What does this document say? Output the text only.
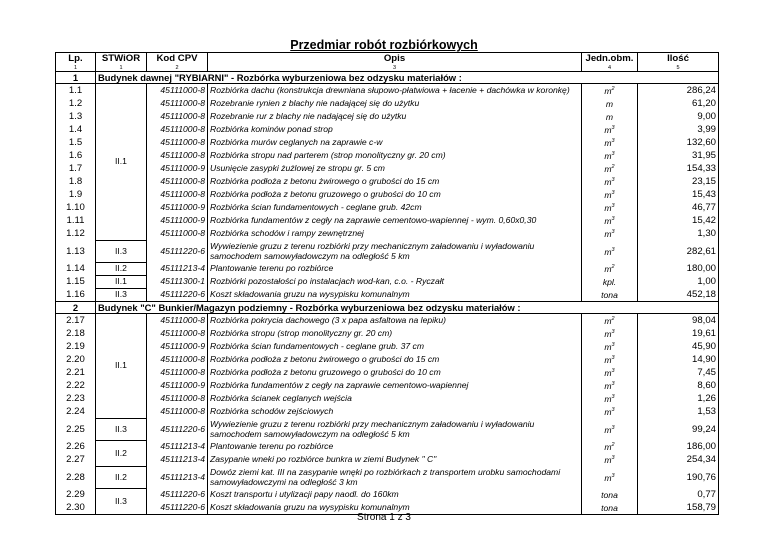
Przedmiar robót rozbiórkowych
Lp.	STWiOR	Kod CPV	Opis	Jedn.obm.	Ilość
1	1	2	3	4	5
1	Budynek dawnej "RYBIARNI" - Rozbórka wyburzeniowa bez odzysku materiałów :				
1.1	II.1	45111000-8	Rozbiórka dachu (konstrukcja drewniana słupowo-płatwiowa + łacenie + dachówka w koronkę)	$m^2$	286,24
1.2		45111000-8	Rozebranie rynien z blachy nie nadającej się do użytku	m	61,20
1.3		45111000-8	Rozebranie rur z blachy nie nadającej się do użytku	m	9,00
1.4		45111000-8	Rozbiórka kominów ponad strop	$m^3$	3,99
1.5		45111000-8	Rozbiórka murów ceglanych na zaprawie c-w	$m^3$	132,60
1.6		45111000-8	Rozbiórka stropu nad parterem (strop monolityczny gr. 20 cm)	$m^3$	31,95
1.7		45111000-9	Usunięcie zasypki żużlowej ze stropu gr. 5 cm	$m^2$	154,33
1.8		45111000-8	Rozbiórka podłoża z betonu żwirowego o grubości do 15 cm	$m^3$	23,15
1.9		45111000-8	Rozbiórka podłoża z betonu gruzowego o grubości do 10 cm	$m^3$	15,43
1.10		45111000-9	Rozbiórka ścian fundamentowych - ceglane grub. 42cm	$m^3$	46,77
1.11		45111000-9	Rozbiórka fundamentów z cegły na zaprawie cementowo-wapiennej - wym. 0,60x0,30	$m^3$	15,42
1.12		45111000-8	Rozbiórka schodów i rampy zewnętrznej	$m^3$	1,30
1.13	II.3	45111220-6	Wywiezienie gruzu z terenu rozbiórki przy mechanicznym załadowaniu i wyładowaniu samochodem samowyładowczym na odległość 5 km	$m^3$	282,61
1.14	II.2	45111213-4	Plantowanie terenu po rozbiórce	$m^2$	180,00
1.15	II.1	45111300-1	Rozbiórki pozostałości po instalacjach wod-kan, c.o. - Ryczałt	kpl.	1,00
1.16	II.3	45111220-6	Koszt składowania gruzu na wysypisku komunalnym	tona	452,18
2	Budynek "C" Bunkier/Magazyn podziemny - Rozbórka wyburzeniowa bez odzysku materiałów :				
2.17	II.1	45111000-8	Rozbiórka pokrycia dachowego (3 x papa asfaltowa na lepiku)	$m^2$	98,04
2.18		45111000-8	Rozbiórka stropu (strop monolityczny gr. 20 cm)	$m^3$	19,61
2.19		45111000-9	Rozbiórka ścian fundamentowych - ceglane grub. 37 cm	$m^3$	45,90
2.20		45111000-8	Rozbiórka podłoża z betonu żwirowego o grubości do 15 cm	$m^3$	14,90
2.21		45111000-8	Rozbiórka podłoża z betonu gruzowego o grubości do 10 cm	$m^3$	7,45
2.22		45111000-9	Rozbiórka fundamentów z cegły na zaprawie cementowo-wapiennej	$m^3$	8,60
2.23		45111000-8	Rozbiórka ścianek ceglanych wejścia	$m^3$	1,26
2.24		45111000-8	Rozbiórka schodów zejściowych	$m^3$	1,53
2.25	II.3	45111220-6	Wywiezienie gruzu z terenu rozbiórki przy mechanicznym załadowaniu i wyładowaniu samochodem samowyładowczym na odległość 5 km	$m^3$	99,24
2.26	II.2	45111213-4	Plantowanie terenu po rozbiórce	$m^2$	186,00
2.27		45111213-4	Zasypanie wneki po rozbiórce bunkra w ziemi Budynek " C"	$m^3$	254,34
2.28	II.2	45111213-4	Dowóz ziemi kat. III na zasypanie wnęki po rozbiórkach z transportem urobku samochodami samowyładowczymi na odległość 3 km	$m^3$	190,76
2.29	II.3	45111220-6	Koszt transportu i utylizacji papy naodl. do 160km	tona	0,77
2.30		45111220-6	Koszt składowania gruzu na wysypisku komunalnym	tona	158,79
Strona 1 z 3
